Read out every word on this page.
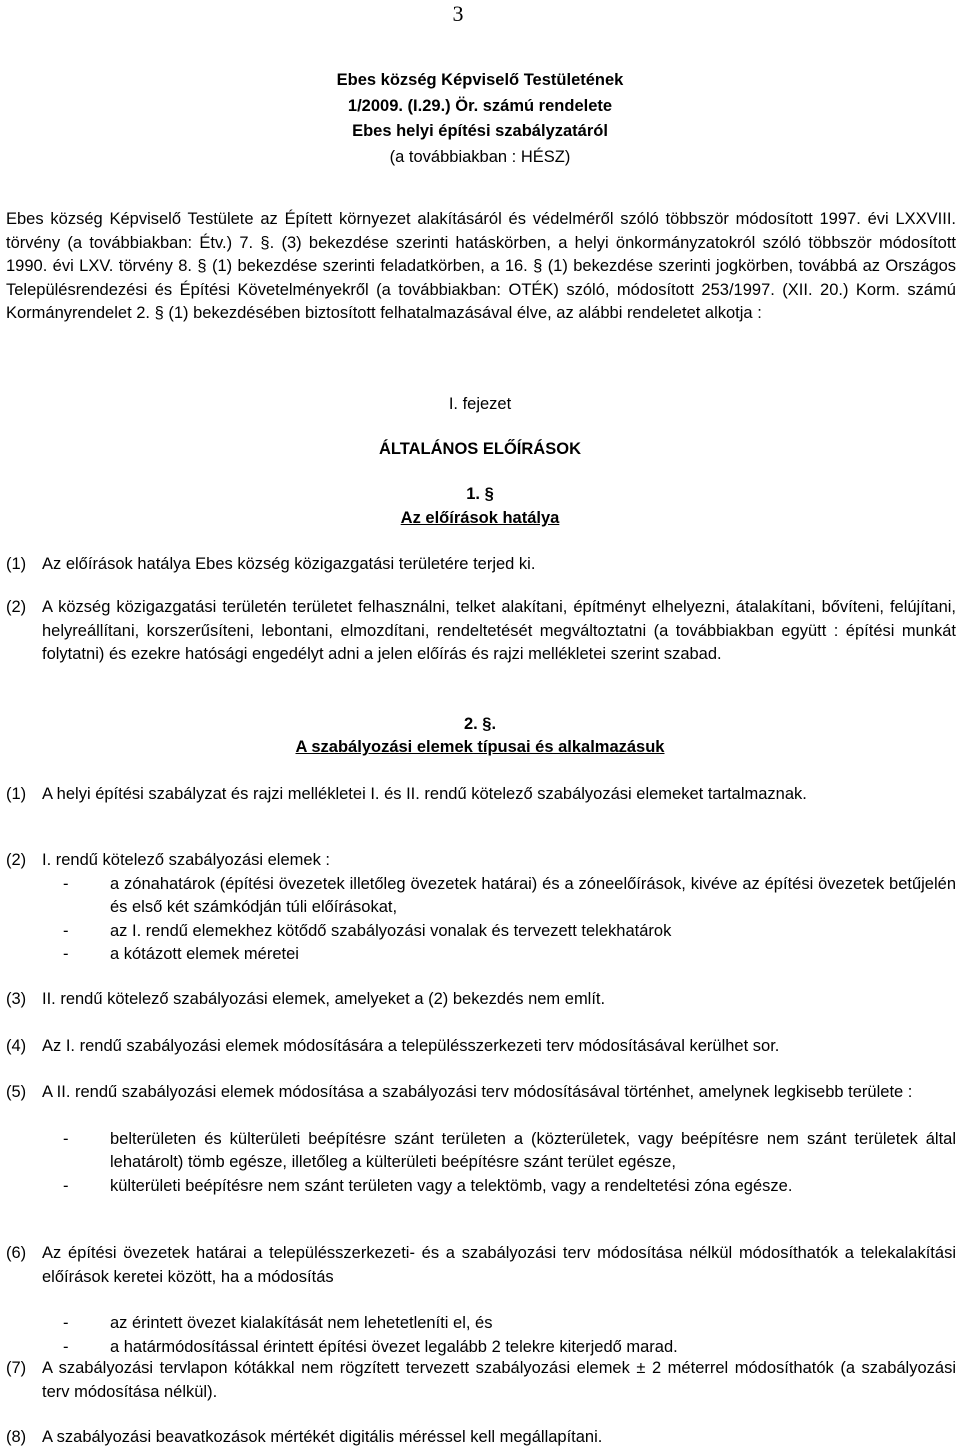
3
Ebes község Képviselő Testületének
1/2009. (I.29.) Ör. számú rendelete
Ebes helyi építési szabályzatáról
(a továbbiakban : HÉSZ)
Ebes község Képviselő Testülete az Épített környezet alakításáról és védelméről szóló többször módosított 1997. évi LXXVIII. törvény (a továbbiakban: Étv.) 7. §. (3) bekezdése szerinti hatáskörben, a helyi önkormányzatokról szóló többször módosított 1990. évi LXV. törvény 8. § (1) bekezdése szerinti feladatkörben, a 16. § (1) bekezdése szerinti jogkörben, továbbá az Országos Településrendezési és Építési Követelményekről (a továbbiakban: OTÉK) szóló, módosított 253/1997. (XII. 20.) Korm. számú Kormányrendelet 2. § (1) bekezdésében biztosított felhatalmazásával élve, az alábbi rendeletet alkotja :
I. fejezet
ÁLTALÁNOS ELŐÍRÁSOK
1. §
Az előírások hatálya
(1) Az előírások hatálya Ebes község közigazgatási területére terjed ki.
(2) A község közigazgatási területén területet felhasználni, telket alakítani, építményt elhelyezni, átalakítani, bővíteni, felújítani, helyreállítani, korszerűsíteni, lebontani, elmozdítani, rendeltetését megváltoztatni (a továbbiakban együtt : építési munkát folytatni) és ezekre hatósági engedélyt adni a jelen előírás és rajzi mellékletei szerint szabad.
2. §.
A szabályozási elemek típusai és alkalmazásuk
(1) A helyi építési szabályzat és rajzi mellékletei I. és II. rendű kötelező szabályozási elemeket tartalmaznak.
(2) I. rendű kötelező szabályozási elemek :
-	a zónahatárok (építési övezetek illetőleg övezetek határai) és a zóneelőírások, kivéve az építési övezetek betűjelén és első két számkódján túli előírásokat,
-	az I. rendű elemekhez kötődő szabályozási vonalak és tervezett telekhatárok
-	a kótázott elemek méretei
(3) II. rendű kötelező szabályozási elemek, amelyeket a (2) bekezdés nem említ.
(4) Az I. rendű szabályozási elemek módosítására a településszerkezeti terv módosításával kerülhet sor.
(5) A II. rendű szabályozási elemek módosítása a szabályozási terv módosításával történhet, amelynek legkisebb területe :
-	belterületen és külterületi beépítésre szánt területen a (közterületek, vagy beépítésre nem szánt területek által lehatárolt) tömb egésze, illetőleg a külterületi beépítésre szánt terület egésze,
-	külterületi beépítésre nem szánt területen vagy a telektömb, vagy a rendeltetési zóna egésze.
(6) Az építési övezetek határai a településszerkezeti- és a szabályozási terv módosítása nélkül módosíthatók a telekalakítási előírások keretei között, ha a módosítás
-	az érintett övezet kialakítását nem lehetetleníti el, és
-	a határmódosítással érintett építési övezet legalább 2 telekre kiterjedő marad.
(7) A szabályozási tervlapon kótákkal nem rögzített tervezett szabályozási elemek ± 2 méterrel módosíthatók (a szabályozási terv módosítása nélkül).
(8) A szabályozási beavatkozások mértékét digitális méréssel kell megállapítani.
